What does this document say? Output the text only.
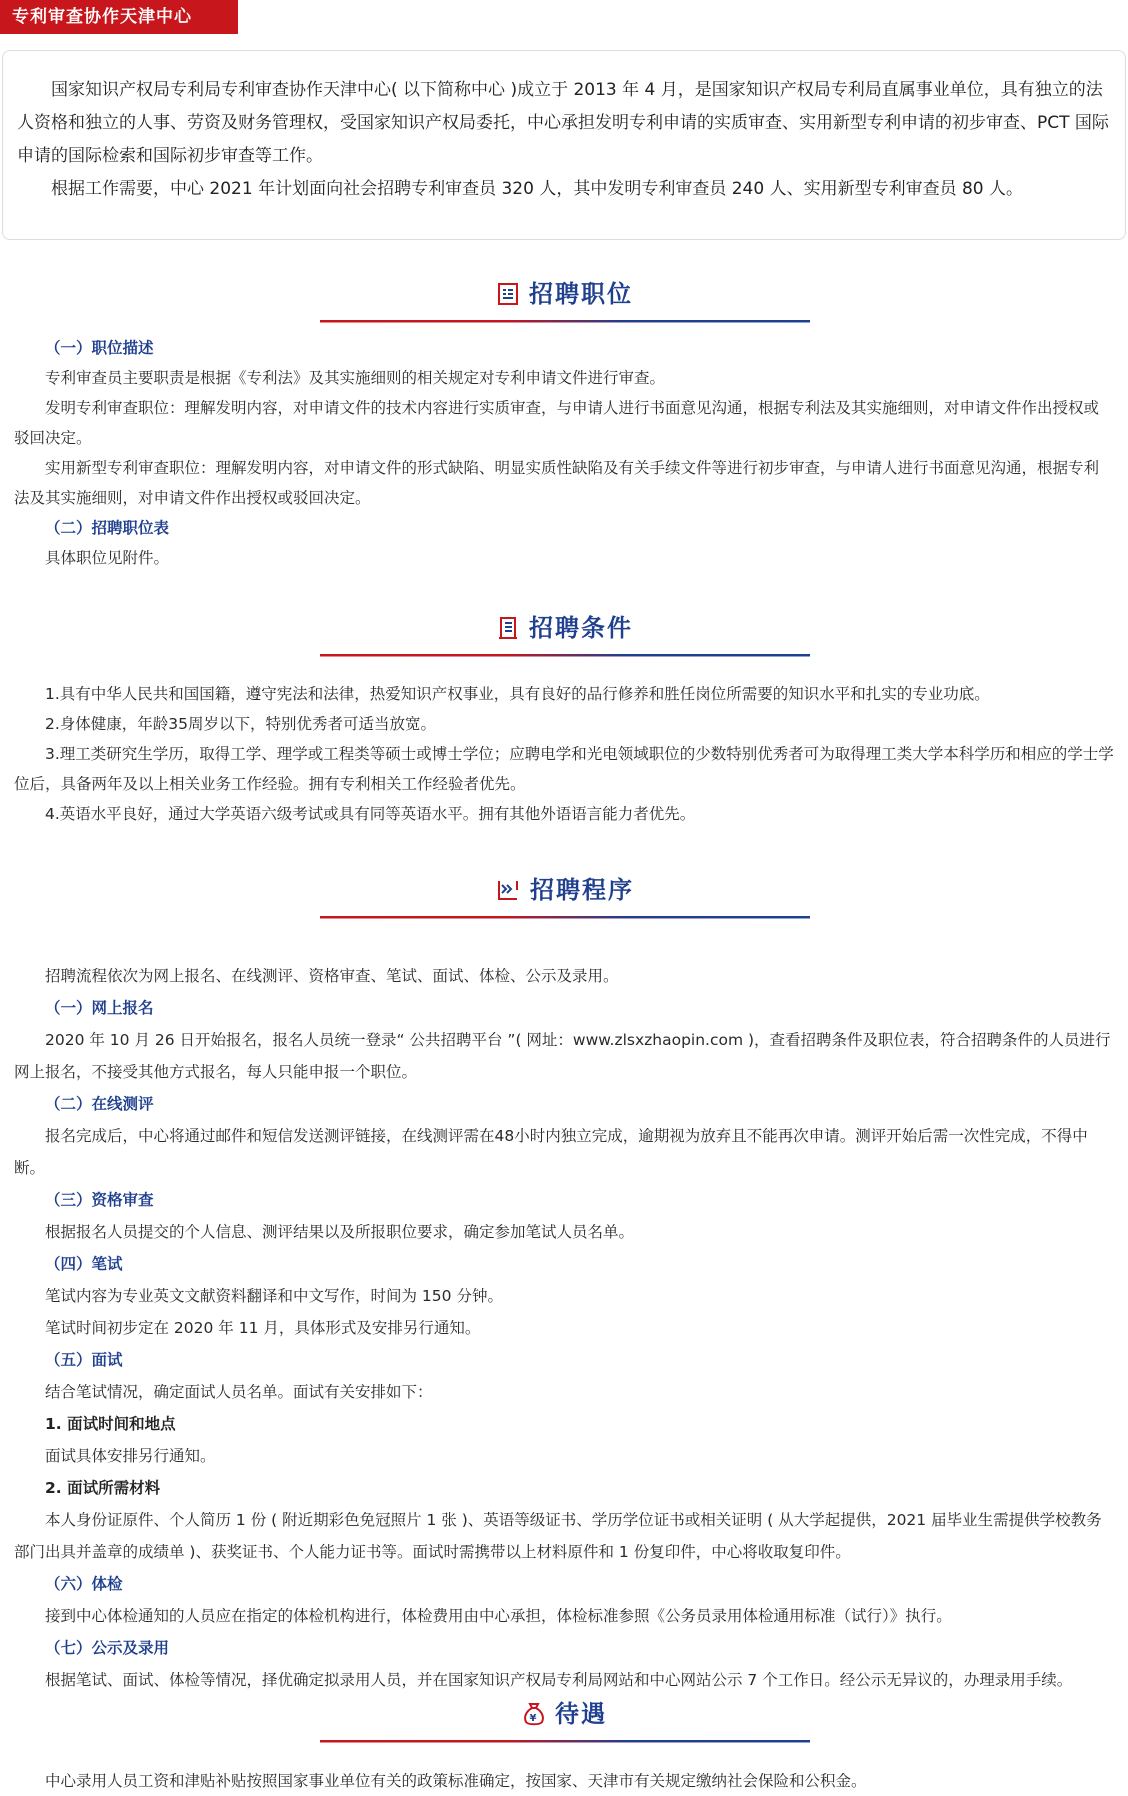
专利审查协作天津中心

国家知识产权局专利局专利审查协作天津中心( 以下简称中心 )成立于 2013 年 4 月，是国家知识产权局专利局直属事业单位，具有独立的法人资格和独立的人事、劳资及财务管理权，受国家知识产权局委托，中心承担发明专利申请的实质审查、实用新型专利申请的初步审查、PCT 国际申请的国际检索和国际初步审查等工作。

根据工作需要，中心 2021 年计划面向社会招聘专利审查员 320 人，其中发明专利审查员 240 人、实用新型专利审查员 80 人。

招聘职位

（一）职位描述

专利审查员主要职责是根据《专利法》及其实施细则的相关规定对专利申请文件进行审查。

发明专利审查职位：理解发明内容，对申请文件的技术内容进行实质审查，与申请人进行书面意见沟通，根据专利法及其实施细则，对申请文件作出授权或驳回决定。

实用新型专利审查职位：理解发明内容，对申请文件的形式缺陷、明显实质性缺陷及有关手续文件等进行初步审查，与申请人进行书面意见沟通，根据专利法及其实施细则，对申请文件作出授权或驳回决定。

（二）招聘职位表

具体职位见附件。

招聘条件

1.具有中华人民共和国国籍，遵守宪法和法律，热爱知识产权事业，具有良好的品行修养和胜任岗位所需要的知识水平和扎实的专业功底。

2.身体健康，年龄35周岁以下，特别优秀者可适当放宽。

3.理工类研究生学历，取得工学、理学或工程类等硕士或博士学位；应聘电学和光电领域职位的少数特别优秀者可为取得理工类大学本科学历和相应的学士学位后，具备两年及以上相关业务工作经验。拥有专利相关工作经验者优先。

4.英语水平良好，通过大学英语六级考试或具有同等英语水平。拥有其他外语语言能力者优先。

招聘程序

招聘流程依次为网上报名、在线测评、资格审查、笔试、面试、体检、公示及录用。

（一）网上报名

2020 年 10 月 26 日开始报名，报名人员统一登录“ 公共招聘平台 ”( 网址：www.zlsxzhaopin.com )，查看招聘条件及职位表，符合招聘条件的人员进行网上报名，不接受其他方式报名，每人只能申报一个职位。

（二）在线测评

报名完成后，中心将通过邮件和短信发送测评链接，在线测评需在48小时内独立完成，逾期视为放弃且不能再次申请。测评开始后需一次性完成，不得中断。

（三）资格审查

根据报名人员提交的个人信息、测评结果以及所报职位要求，确定参加笔试人员名单。

（四）笔试

笔试内容为专业英文文献资料翻译和中文写作，时间为 150 分钟。

笔试时间初步定在 2020 年 11 月，具体形式及安排另行通知。

（五）面试

结合笔试情况，确定面试人员名单。面试有关安排如下：

1. 面试时间和地点

面试具体安排另行通知。

2. 面试所需材料

本人身份证原件、个人简历 1 份 ( 附近期彩色免冠照片 1 张 )、英语等级证书、学历学位证书或相关证明 ( 从大学起提供，2021 届毕业生需提供学校教务部门出具并盖章的成绩单 )、获奖证书、个人能力证书等。面试时需携带以上材料原件和 1 份复印件，中心将收取复印件。

（六）体检

接到中心体检通知的人员应在指定的体检机构进行，体检费用由中心承担，体检标准参照《公务员录用体检通用标准（试行）》执行。

（七）公示及录用

根据笔试、面试、体检等情况，择优确定拟录用人员，并在国家知识产权局专利局网站和中心网站公示 7 个工作日。经公示无异议的，办理录用手续。

¥ 待遇

中心录用人员工资和津贴补贴按照国家事业单位有关的政策标准确定，按国家、天津市有关规定缴纳社会保险和公积金。
